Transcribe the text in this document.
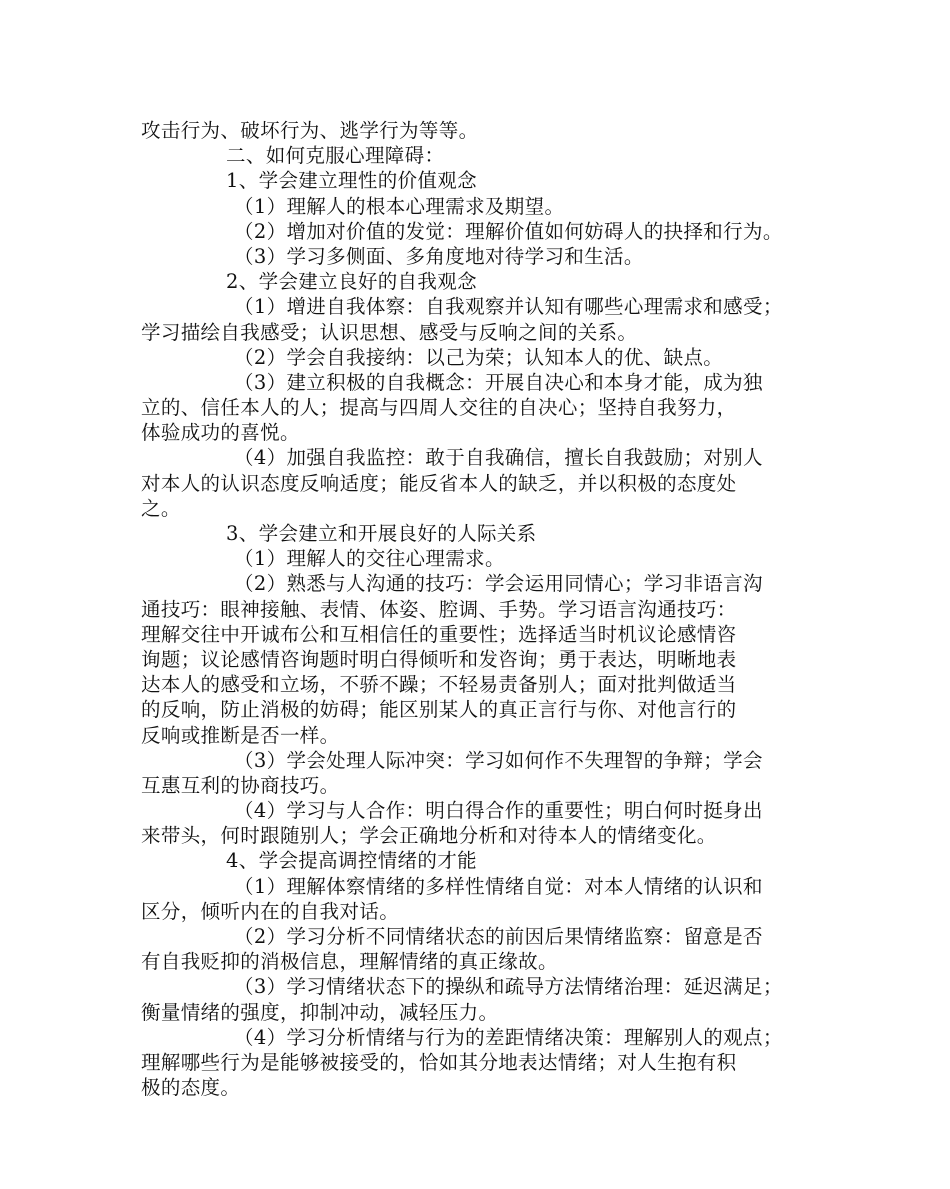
攻击行为、破坏行为、逃学行为等等。
二、如何克服心理障碍：
1、学会建立理性的价值观念
（1）理解人的根本心理需求及期望。
（2）增加对价值的发觉：理解价值如何妨碍人的抉择和行为。
（3）学习多侧面、多角度地对待学习和生活。
2、学会建立良好的自我观念
（1）增进自我体察：自我观察并认知有哪些心理需求和感受；
学习描绘自我感受；认识思想、感受与反响之间的关系。
（2）学会自我接纳：以己为荣；认知本人的优、缺点。
（3）建立积极的自我概念：开展自决心和本身才能，成为独
立的、信任本人的人；提高与四周人交往的自决心；坚持自我努力，
体验成功的喜悦。
（4）加强自我监控：敢于自我确信，擅长自我鼓励；对别人
对本人的认识态度反响适度；能反省本人的缺乏，并以积极的态度处
之。
3、学会建立和开展良好的人际关系
（1）理解人的交往心理需求。
（2）熟悉与人沟通的技巧：学会运用同情心；学习非语言沟
通技巧：眼神接触、表情、体姿、腔调、手势。学习语言沟通技巧：
理解交往中开诚布公和互相信任的重要性；选择适当时机议论感情咨
询题；议论感情咨询题时明白得倾听和发咨询；勇于表达，明晰地表
达本人的感受和立场，不骄不躁；不轻易责备别人；面对批判做适当
的反响，防止消极的妨碍；能区别某人的真正言行与你、对他言行的
反响或推断是否一样。
（3）学会处理人际冲突：学习如何作不失理智的争辩；学会
互惠互利的协商技巧。
（4）学习与人合作：明白得合作的重要性；明白何时挺身出
来带头，何时跟随别人；学会正确地分析和对待本人的情绪变化。
4、学会提高调控情绪的才能
（1）理解体察情绪的多样性情绪自觉：对本人情绪的认识和
区分，倾听内在的自我对话。
（2）学习分析不同情绪状态的前因后果情绪监察：留意是否
有自我贬抑的消极信息，理解情绪的真正缘故。
（3）学习情绪状态下的操纵和疏导方法情绪治理：延迟满足；
衡量情绪的强度，抑制冲动，减轻压力。
（4）学习分析情绪与行为的差距情绪决策：理解别人的观点；
理解哪些行为是能够被接受的，恰如其分地表达情绪；对人生抱有积
极的态度。
